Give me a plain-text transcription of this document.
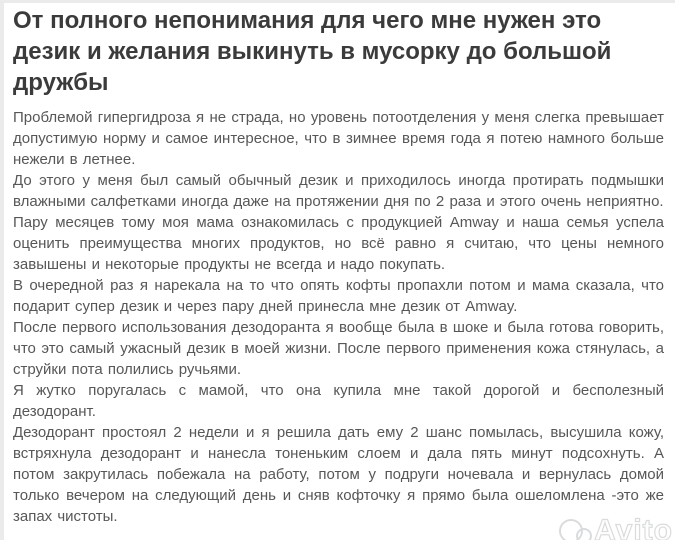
От полного непонимания для чего мне нужен это дезик и желания выкинуть в мусорку до большой дружбы

Проблемой гипергидроза я не страда, но уровень потоотделения у меня слегка превышает допустимую норму и самое интересное, что в зимнее время года я потею намного больше нежели в летнее.

До этого у меня был самый обычный дезик и приходилось иногда протирать подмышки влажными салфетками иногда даже на протяжении дня по 2 раза и этого очень неприятно.

Пару месяцев тому моя мама ознакомилась с продукцией Amway и наша семья успела оценить преимущества многих продуктов, но всё равно я считаю, что цены немного завышены и некоторые продукты не всегда и надо покупать.

В очередной раз я нарекала на то что опять кофты пропахли потом и мама сказала, что подарит супер дезик и через пару дней принесла мне дезик от Amway.

После первого использования дезодоранта я вообще была в шоке и была готова говорить, что это самый ужасный дезик в моей жизни. После первого применения кожа стянулась, а струйки пота полились ручьями.

Я жутко поругалась с мамой, что она купила мне такой дорогой и бесполезный дезодорант.

Дезодорант простоял 2 недели и я решила дать ему 2 шанс помылась, высушила кожу, встряхнула дезодорант и нанесла тоненьким слоем и дала пять минут подсохнуть. А потом закрутилась побежала на работу, потом у подруги ночевала и вернулась домой только вечером на следующий день и сняв кофточку я прямо была ошеломлена -это же запах чистоты.	Avito
